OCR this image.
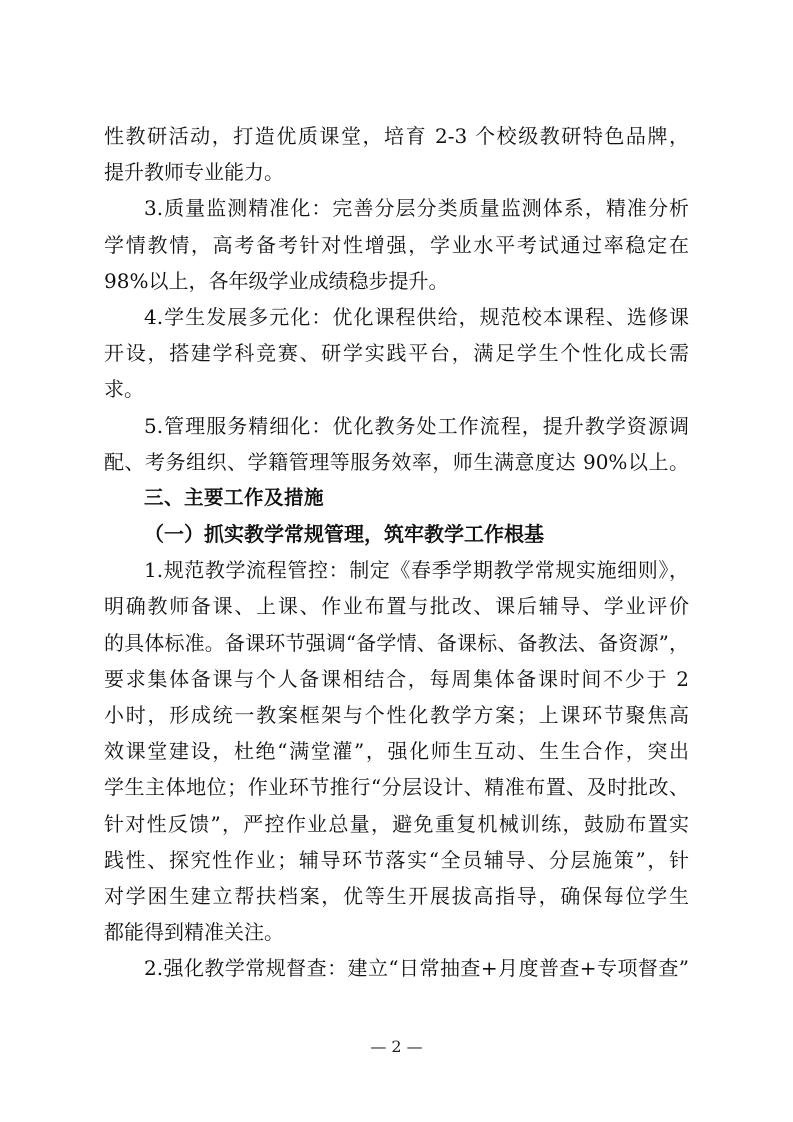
性教研活动，打造优质课堂，培育 2-3 个校级教研特色品牌，
提升教师专业能力。
3.质量监测精准化：完善分层分类质量监测体系，精准分析
学情教情，高考备考针对性增强，学业水平考试通过率稳定在
98%以上，各年级学业成绩稳步提升。
4.学生发展多元化：优化课程供给，规范校本课程、选修课
开设，搭建学科竞赛、研学实践平台，满足学生个性化成长需
求。
5.管理服务精细化：优化教务处工作流程，提升教学资源调
配、考务组织、学籍管理等服务效率，师生满意度达 90%以上。
三、主要工作及措施
（一）抓实教学常规管理，筑牢教学工作根基
1.规范教学流程管控：制定《春季学期教学常规实施细则》，
明确教师备课、上课、作业布置与批改、课后辅导、学业评价
的具体标准。备课环节强调“备学情、备课标、备教法、备资源”，
要求集体备课与个人备课相结合，每周集体备课时间不少于 2
小时，形成统一教案框架与个性化教学方案；上课环节聚焦高
效课堂建设，杜绝“满堂灌”，强化师生互动、生生合作，突出
学生主体地位；作业环节推行“分层设计、精准布置、及时批改、
针对性反馈”，严控作业总量，避免重复机械训练，鼓励布置实
践性、探究性作业；辅导环节落实“全员辅导、分层施策”，针
对学困生建立帮扶档案，优等生开展拔高指导，确保每位学生
都能得到精准关注。
2.强化教学常规督查：建立“日常抽查+月度普查+专项督查”
— 2 —
